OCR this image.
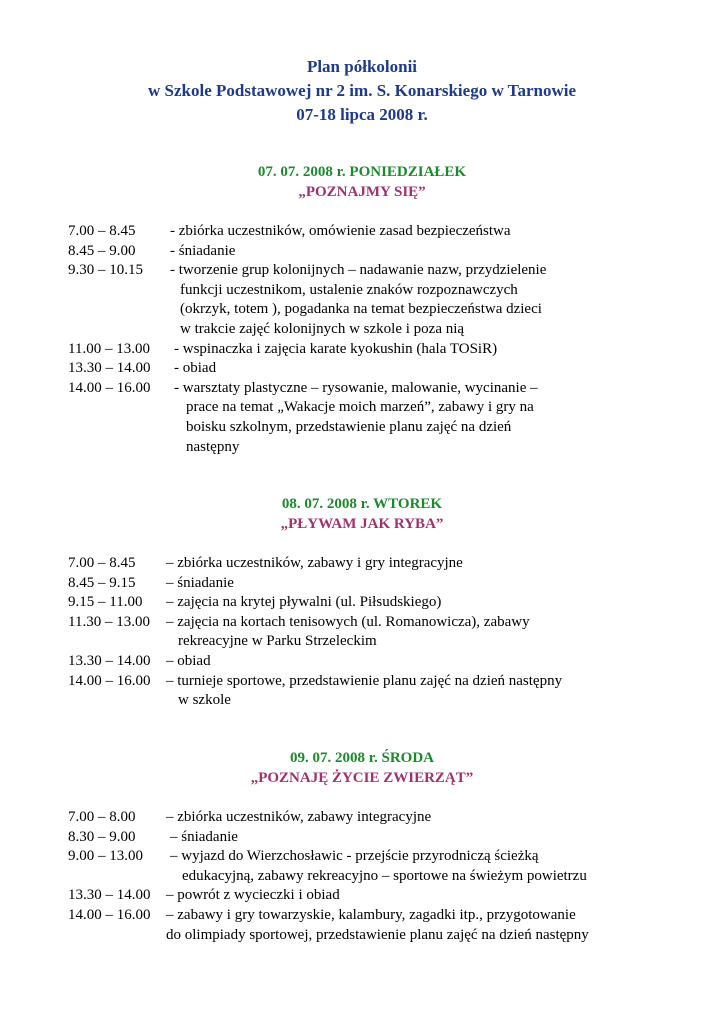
Plan półkolonii
w Szkole Podstawowej nr 2 im. S. Konarskiego w Tarnowie
07-18 lipca 2008 r.
07. 07. 2008 r. PONIEDZIAŁEK
„POZNAJMY SIĘ”
7.00 – 8.45 - zbiórka uczestników, omówienie zasad bezpieczeństwa
8.45 – 9.00 - śniadanie
9.30 – 10.15 - tworzenie grup kolonijnych – nadawanie nazw, przydzielenie
funkcji uczestnikom, ustalenie znaków rozpoznawczych
(okrzyk, totem ), pogadanka na temat bezpieczeństwa dzieci
w trakcie zajęć kolonijnych w szkole i poza nią
11.00 – 13.00 - wspinaczka i zajęcia karate kyokushin (hala TOSiR)
13.30 – 14.00 - obiad
14.00 – 16.00 - warsztaty plastyczne – rysowanie, malowanie, wycinanie –
prace na temat „Wakacje moich marzeń”, zabawy i gry na
boisku szkolnym, przedstawienie planu zajęć na dzień
następny
08. 07. 2008 r. WTOREK
„PŁYWAM JAK RYBA”
7.00 – 8.45 – zbiórka uczestników, zabawy i gry integracyjne
8.45 – 9.15 – śniadanie
9.15 – 11.00 – zajęcia na krytej pływalni (ul. Piłsudskiego)
11.30 – 13.00 – zajęcia na kortach tenisowych (ul. Romanowicza), zabawy
rekreacyjne w Parku Strzeleckim
13.30 – 14.00 – obiad
14.00 – 16.00 – turnieje sportowe, przedstawienie planu zajęć na dzień następny
w szkole
09. 07. 2008 r. ŚRODA
„POZNAJĘ ŻYCIE ZWIERZĄT”
7.00 – 8.00 – zbiórka uczestników, zabawy integracyjne
8.30 – 9.00 – śniadanie
9.00 – 13.00 – wyjazd do Wierzchosławic - przejście przyrodniczą ścieżką
edukacyjną, zabawy rekreacyjno – sportowe na świeżym powietrzu
13.30 – 14.00 – powrót z wycieczki i obiad
14.00 – 16.00 – zabawy i gry towarzyskie, kalambury, zagadki itp., przygotowanie
do olimpiady sportowej, przedstawienie planu zajęć na dzień następny
